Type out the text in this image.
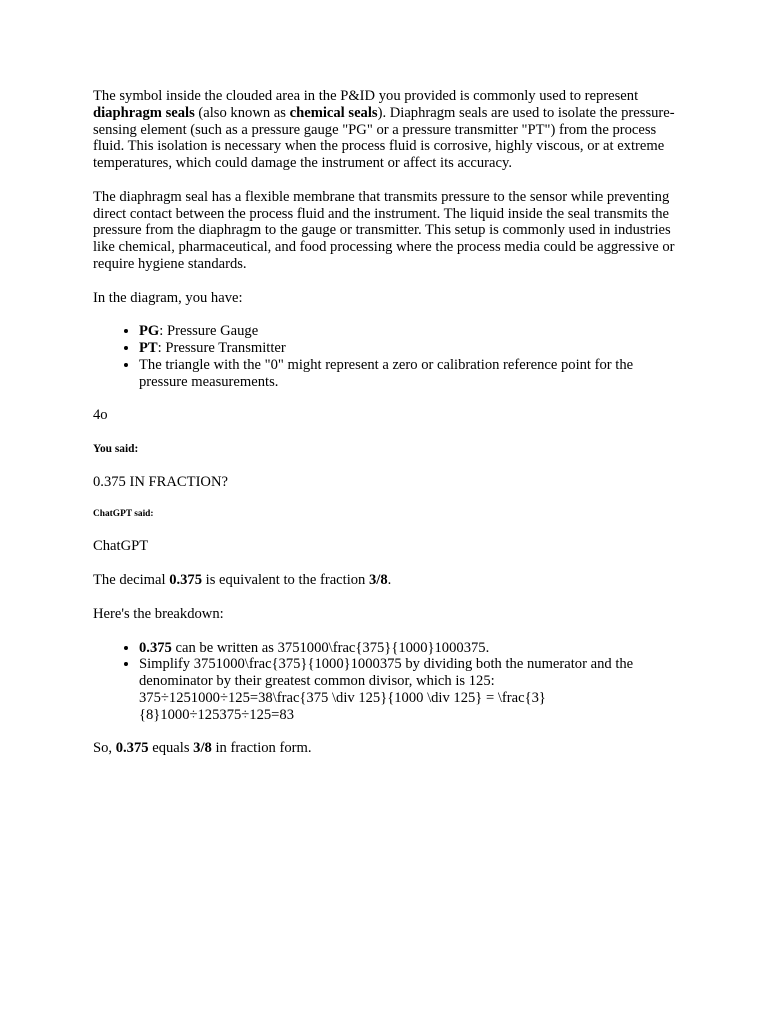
The symbol inside the clouded area in the P&ID you provided is commonly used to represent diaphragm seals (also known as chemical seals). Diaphragm seals are used to isolate the pressure-sensing element (such as a pressure gauge "PG" or a pressure transmitter "PT") from the process fluid. This isolation is necessary when the process fluid is corrosive, highly viscous, or at extreme temperatures, which could damage the instrument or affect its accuracy.

The diaphragm seal has a flexible membrane that transmits pressure to the sensor while preventing direct contact between the process fluid and the instrument. The liquid inside the seal transmits the pressure from the diaphragm to the gauge or transmitter. This setup is commonly used in industries like chemical, pharmaceutical, and food processing where the process media could be aggressive or require hygiene standards.

In the diagram, you have:

• PG: Pressure Gauge
• PT: Pressure Transmitter
• The triangle with the "0" might represent a zero or calibration reference point for the pressure measurements.

4o

You said:

0.375 IN FRACTION?

ChatGPT said:

ChatGPT

The decimal 0.375 is equivalent to the fraction 3/8.

Here's the breakdown:

• 0.375 can be written as 3751000\frac{375}{1000}1000375.
• Simplify 3751000\frac{375}{1000}1000375 by dividing both the numerator and the denominator by their greatest common divisor, which is 125: 375÷1251000÷125=38\frac{375 \div 125}{1000 \div 125} = \frac{3}{8}1000÷125375÷125=83

So, 0.375 equals 3/8 in fraction form.
